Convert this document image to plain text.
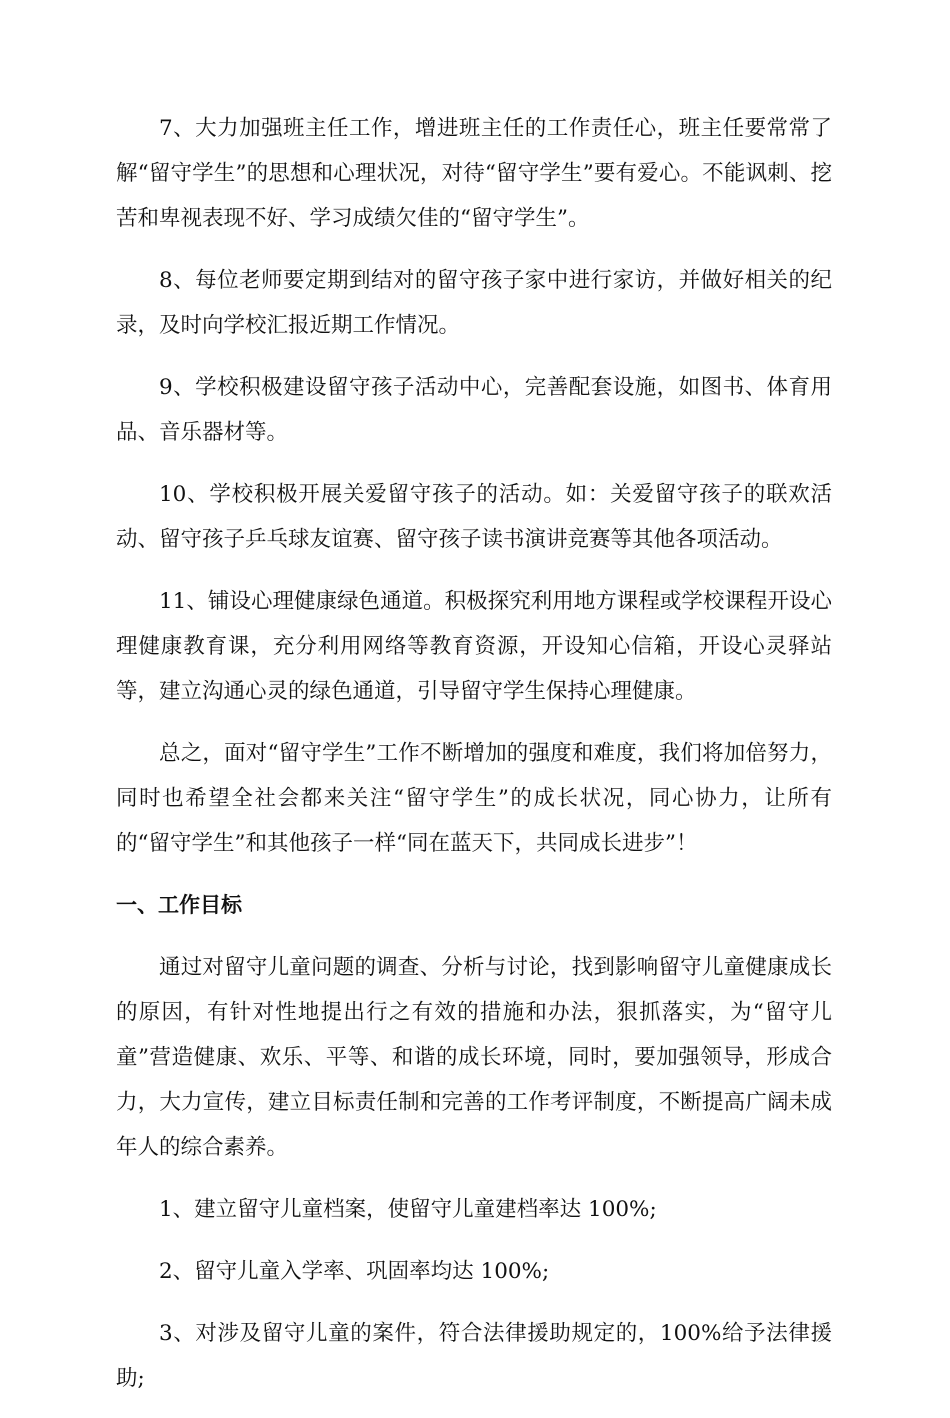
7、大力加强班主任工作，增进班主任的工作责任心，班主任要常常了解“留守学生”的思想和心理状况，对待“留守学生”要有爱心。不能讽刺、挖苦和卑视表现不好、学习成绩欠佳的“留守学生”。

8、每位老师要定期到结对的留守孩子家中进行家访，并做好相关的纪录，及时向学校汇报近期工作情况。

9、学校积极建设留守孩子活动中心，完善配套设施，如图书、体育用品、音乐器材等。

10、学校积极开展关爱留守孩子的活动。如：关爱留守孩子的联欢活动、留守孩子乒乓球友谊赛、留守孩子读书演讲竞赛等其他各项活动。

11、铺设心理健康绿色通道。积极探究利用地方课程或学校课程开设心理健康教育课，充分利用网络等教育资源，开设知心信箱，开设心灵驿站等，建立沟通心灵的绿色通道，引导留守学生保持心理健康。

总之，面对“留守学生”工作不断增加的强度和难度，我们将加倍努力，同时也希望全社会都来关注“留守学生”的成长状况，同心协力，让所有的“留守学生”和其他孩子一样“同在蓝天下，共同成长进步”！

一、工作目标

通过对留守儿童问题的调查、分析与讨论，找到影响留守儿童健康成长的原因，有针对性地提出行之有效的措施和办法，狠抓落实，为“留守儿童”营造健康、欢乐、平等、和谐的成长环境，同时，要加强领导，形成合力，大力宣传，建立目标责任制和完善的工作考评制度，不断提高广阔未成年人的综合素养。

1、建立留守儿童档案，使留守儿童建档率达 100%;

2、留守儿童入学率、巩固率均达 100%;

3、对涉及留守儿童的案件，符合法律援助规定的，100%给予法律援助;
